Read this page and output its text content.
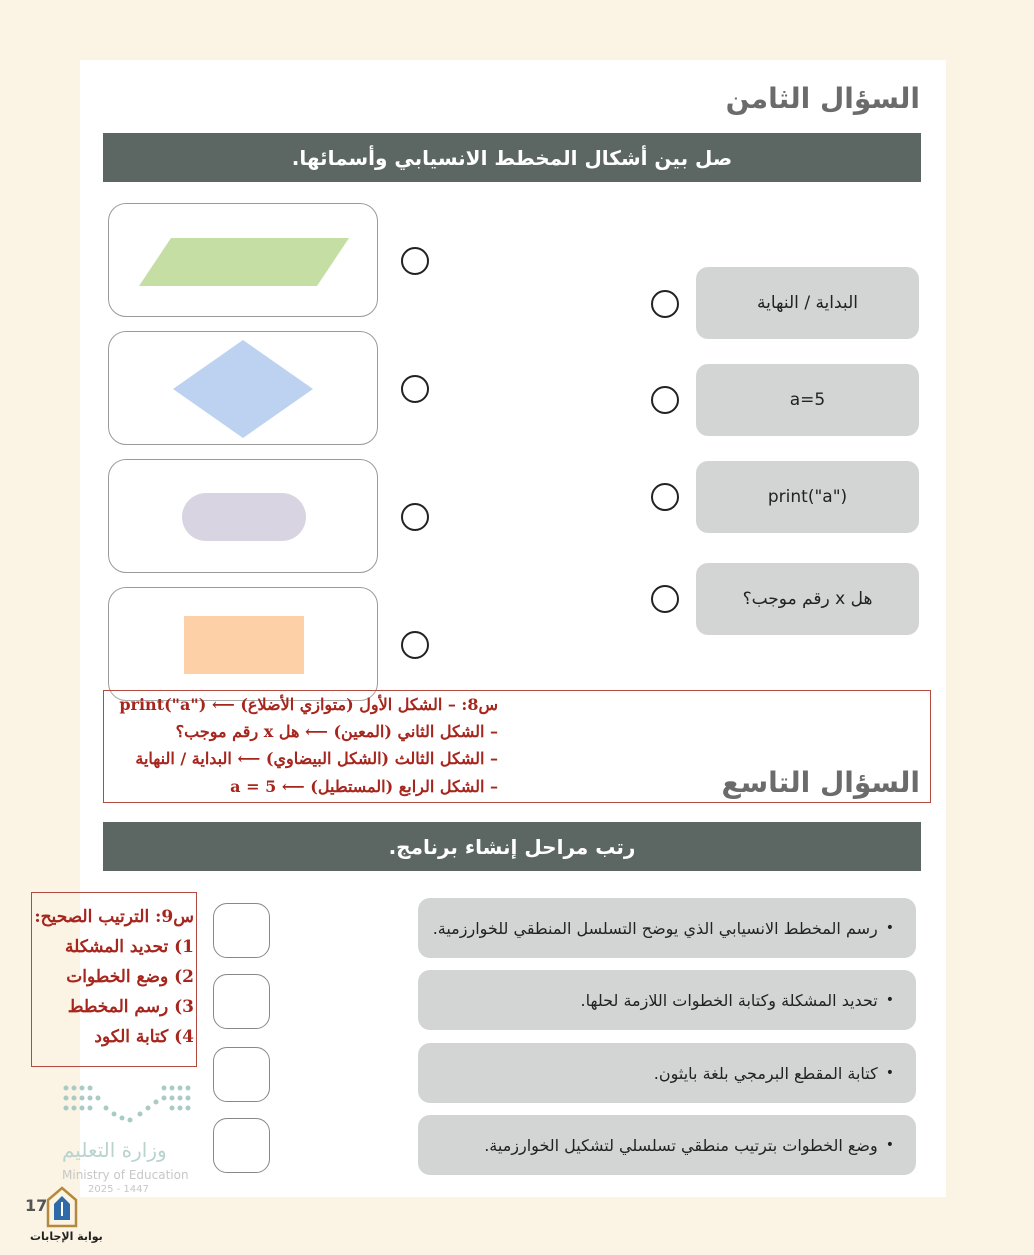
السؤال الثامن
صل بين أشكال المخطط الانسيابي وأسمائها.
البداية / النهاية
a=5
print("a")
هل x رقم موجب؟
س8: – الشكل الأول (متوازي الأضلاع) ⟵ print("a")
– الشكل الثاني (المعين) ⟵ هل x رقم موجب؟
– الشكل الثالث (الشكل البيضاوي) ⟵ البداية / النهاية
– الشكل الرابع (المستطيل) ⟵ a = 5	السؤال التاسع
رتب مراحل إنشاء برنامج.
•
رسم المخطط الانسيابي الذي يوضح التسلسل المنطقي للخوارزمية.
•
تحديد المشكلة وكتابة الخطوات اللازمة لحلها.
•
كتابة المقطع البرمجي بلغة بايثون.
•
وضع الخطوات بترتيب منطقي تسلسلي لتشكيل الخوارزمية.
وزارة التعليم
Ministry of Education
2025 - 1447
س9: الترتيب الصحيح:
1) تحديد المشكلة
2) وضع الخطوات
3) رسم المخطط
4) كتابة الكود
17
بوابة الإجابات
